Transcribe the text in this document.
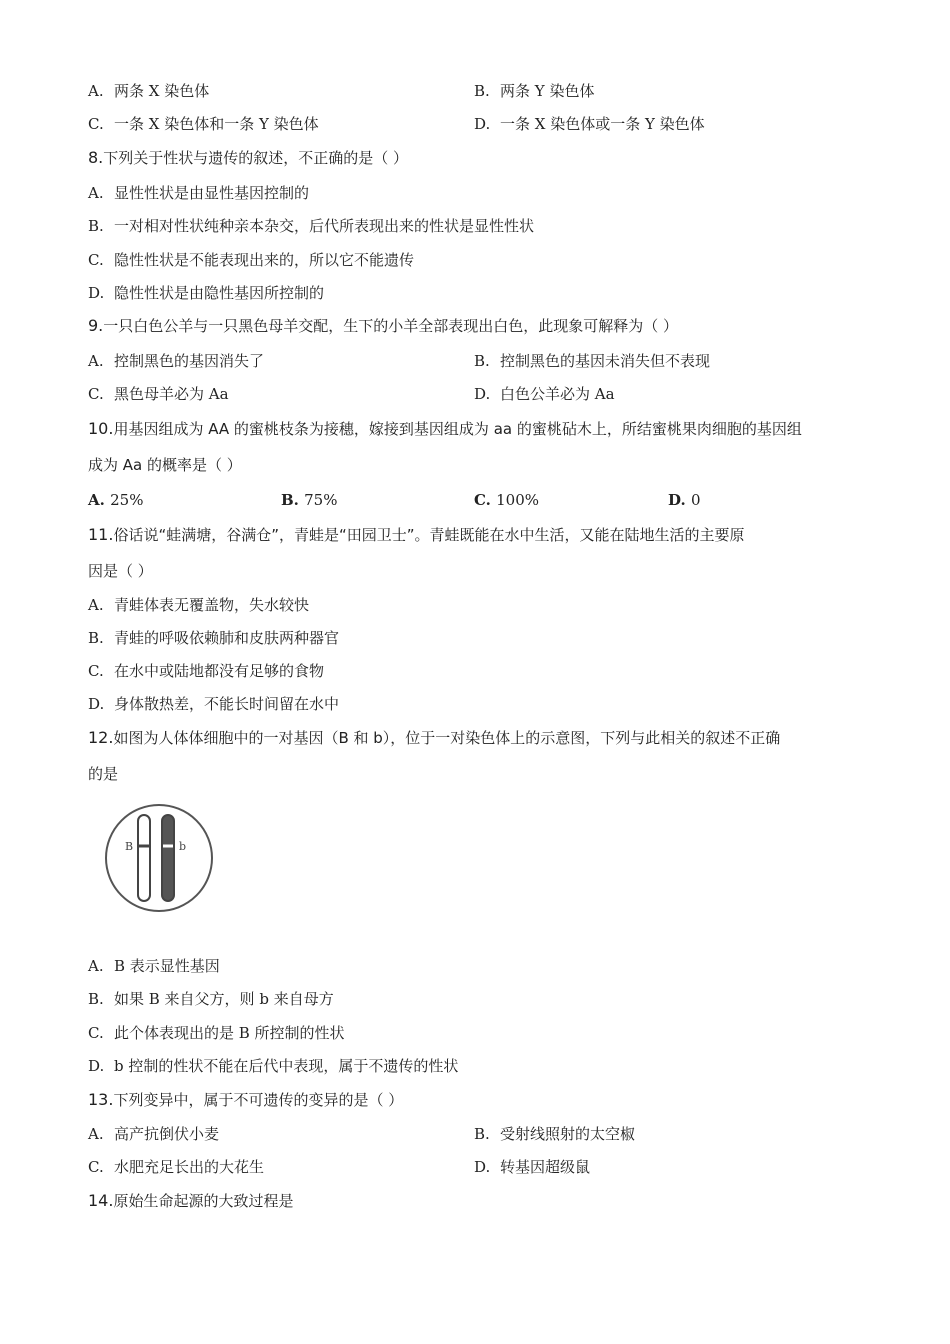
A. 两条 X 染色体	B. 两条 Y 染色体
C. 一条 X 染色体和一条 Y 染色体	D. 一条 X 染色体或一条 Y 染色体
8.下列关于性状与遗传的叙述，不正确的是（ ）
A. 显性性状是由显性基因控制的
B. 一对相对性状纯种亲本杂交，后代所表现出来的性状是显性性状
C. 隐性性状是不能表现出来的，所以它不能遗传
D. 隐性性状是由隐性基因所控制的
9.一只白色公羊与一只黑色母羊交配，生下的小羊全部表现出白色，此现象可解释为（ ）
A. 控制黑色的基因消失了	B. 控制黑色的基因未消失但不表现
C. 黑色母羊必为 Aa	D. 白色公羊必为 Aa
10.用基因组成为 AA 的蜜桃枝条为接穗，嫁接到基因组成为 aa 的蜜桃砧木上，所结蜜桃果肉细胞的基因组
成为 Aa 的概率是（ ）
A. 25%	B. 75%	C. 100%	D. 0
11.俗话说“蛙满塘，谷满仓”，青蛙是“田园卫士”。青蛙既能在水中生活，又能在陆地生活的主要原
因是（ ）
A. 青蛙体表无覆盖物，失水较快
B. 青蛙的呼吸依赖肺和皮肤两种器官
C. 在水中或陆地都没有足够的食物
D. 身体散热差，不能长时间留在水中
12.如图为人体体细胞中的一对基因（B 和 b），位于一对染色体上的示意图，下列与此相关的叙述不正确
的是
B	b
A. B 表示显性基因
B. 如果 B 来自父方，则 b 来自母方
C. 此个体表现出的是 B 所控制的性状
D. b 控制的性状不能在后代中表现，属于不遗传的性状
13.下列变异中，属于不可遗传的变异的是（ ）
A. 高产抗倒伏小麦	B. 受射线照射的太空椒
C. 水肥充足长出的大花生	D. 转基因超级鼠
14.原始生命起源的大致过程是
